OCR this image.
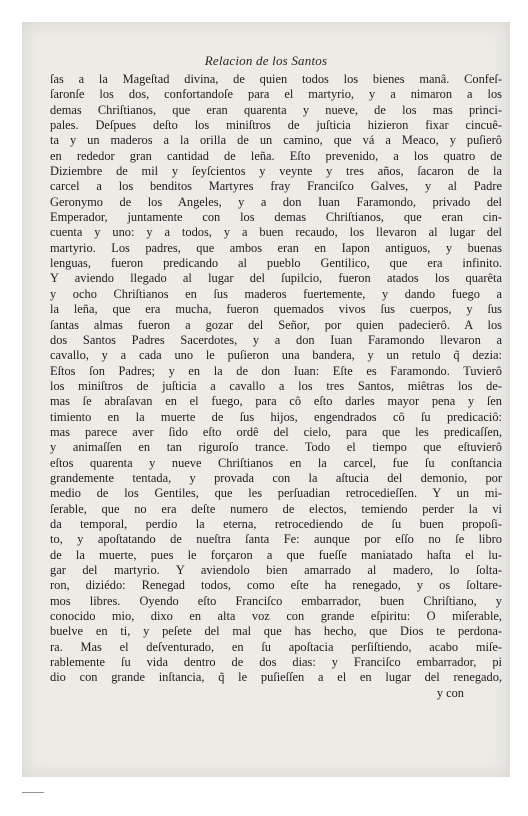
Relacion de los Santos
ſas a la Mageſtad divina, de quien todos los bienes manâ. Confeſ-
ſaronſe los dos, confortandoſe para el martyrio, y a nimaron a los
demas Chriſtianos, que eran quarenta y nueve, de los mas princi-
pales. Deſpues deſto los miniſtros de juſticia hizieron fixar cincuê-
ta y un maderos a la orilla de un camino, que vá a Meaco, y puſierô
en rededor gran cantidad de leña. Eſto prevenido, a los quatro de
Diziembre de mil y ſeyſcientos y veynte y tres años, ſacaron de la
carcel a los benditos Martyres fray Franciſco Galves, y al Padre
Geronymo de los Angeles, y a don Iuan Faramondo, privado del
Emperador, juntamente con los demas Chriſtianos, que eran cin-
cuenta y uno: y a todos, y a buen recaudo, los llevaron al lugar del
martyrio. Los padres, que ambos eran en Iapon antiguos, y buenas
lenguas, fueron predicando al pueblo Gentilico, que era infinito.
Y aviendo llegado al lugar del ſupilcio, fueron atados los quarêta
y ocho Chriſtianos en ſus maderos fuertemente, y dando fuego a
la leña, que era mucha, fueron quemados vivos ſus cuerpos, y ſus
ſantas almas fueron a gozar del Señor, por quien padecierô. A los
dos Santos Padres Sacerdotes, y a don Iuan Faramondo llevaron a
cavallo, y a cada uno le puſieron una bandera, y un retulo q̃ dezia:
Eſtos ſon Padres; y en la de don Iuan: Eſte es Faramondo. Tuvierô
los miniſtros de juſticia a cavallo a los tres Santos, miêtras los de-
mas ſe abraſavan en el fuego, para cô eſto darles mayor pena y ſen
timiento en la muerte de ſus hijos, engendrados cô ſu predicaciô:
mas parece aver ſido eſto ordê del cielo, para que les predicaſſen,
y animaſſen en tan riguroſo trance. Todo el tiempo que eſtuvierô
eſtos quarenta y nueve Chriſtianos en la carcel, fue ſu conſtancia
grandemente tentada, y provada con la aſtucia del demonio, por
medio de los Gentiles, que les perſuadian retrocedieſſen. Y un mi-
ſerable, que no era deſte numero de electos, temiendo perder la vi
da temporal, perdio la eterna, retrocediendo de ſu buen propoſi-
to, y apoſtatando de nueſtra ſanta Fe: aunque por eſſo no ſe libro
de la muerte, pues le forçaron a que fueſſe maniatado haſta el lu-
gar del martyrio. Y aviendolo bien amarrado al madero, lo ſolta-
ron, diziédo: Renegad todos, como eſte ha renegado, y os ſoltare-
mos libres. Oyendo eſto Franciſco embarrador, buen Chriſtiano, y
conocido mio, dixo en alta voz con grande eſpiritu: O miſerable,
buelve en ti, y peſete del mal que has hecho, que Dios te perdona-
ra. Mas el deſventurado, en ſu apoſtacia perſiſtiendo, acabo miſe-
rablemente ſu vida dentro de dos dias: y Franciſco embarrador, pi
dio con grande inſtancia, q̃ le puſieſſen a el en lugar del renegado,
y con
